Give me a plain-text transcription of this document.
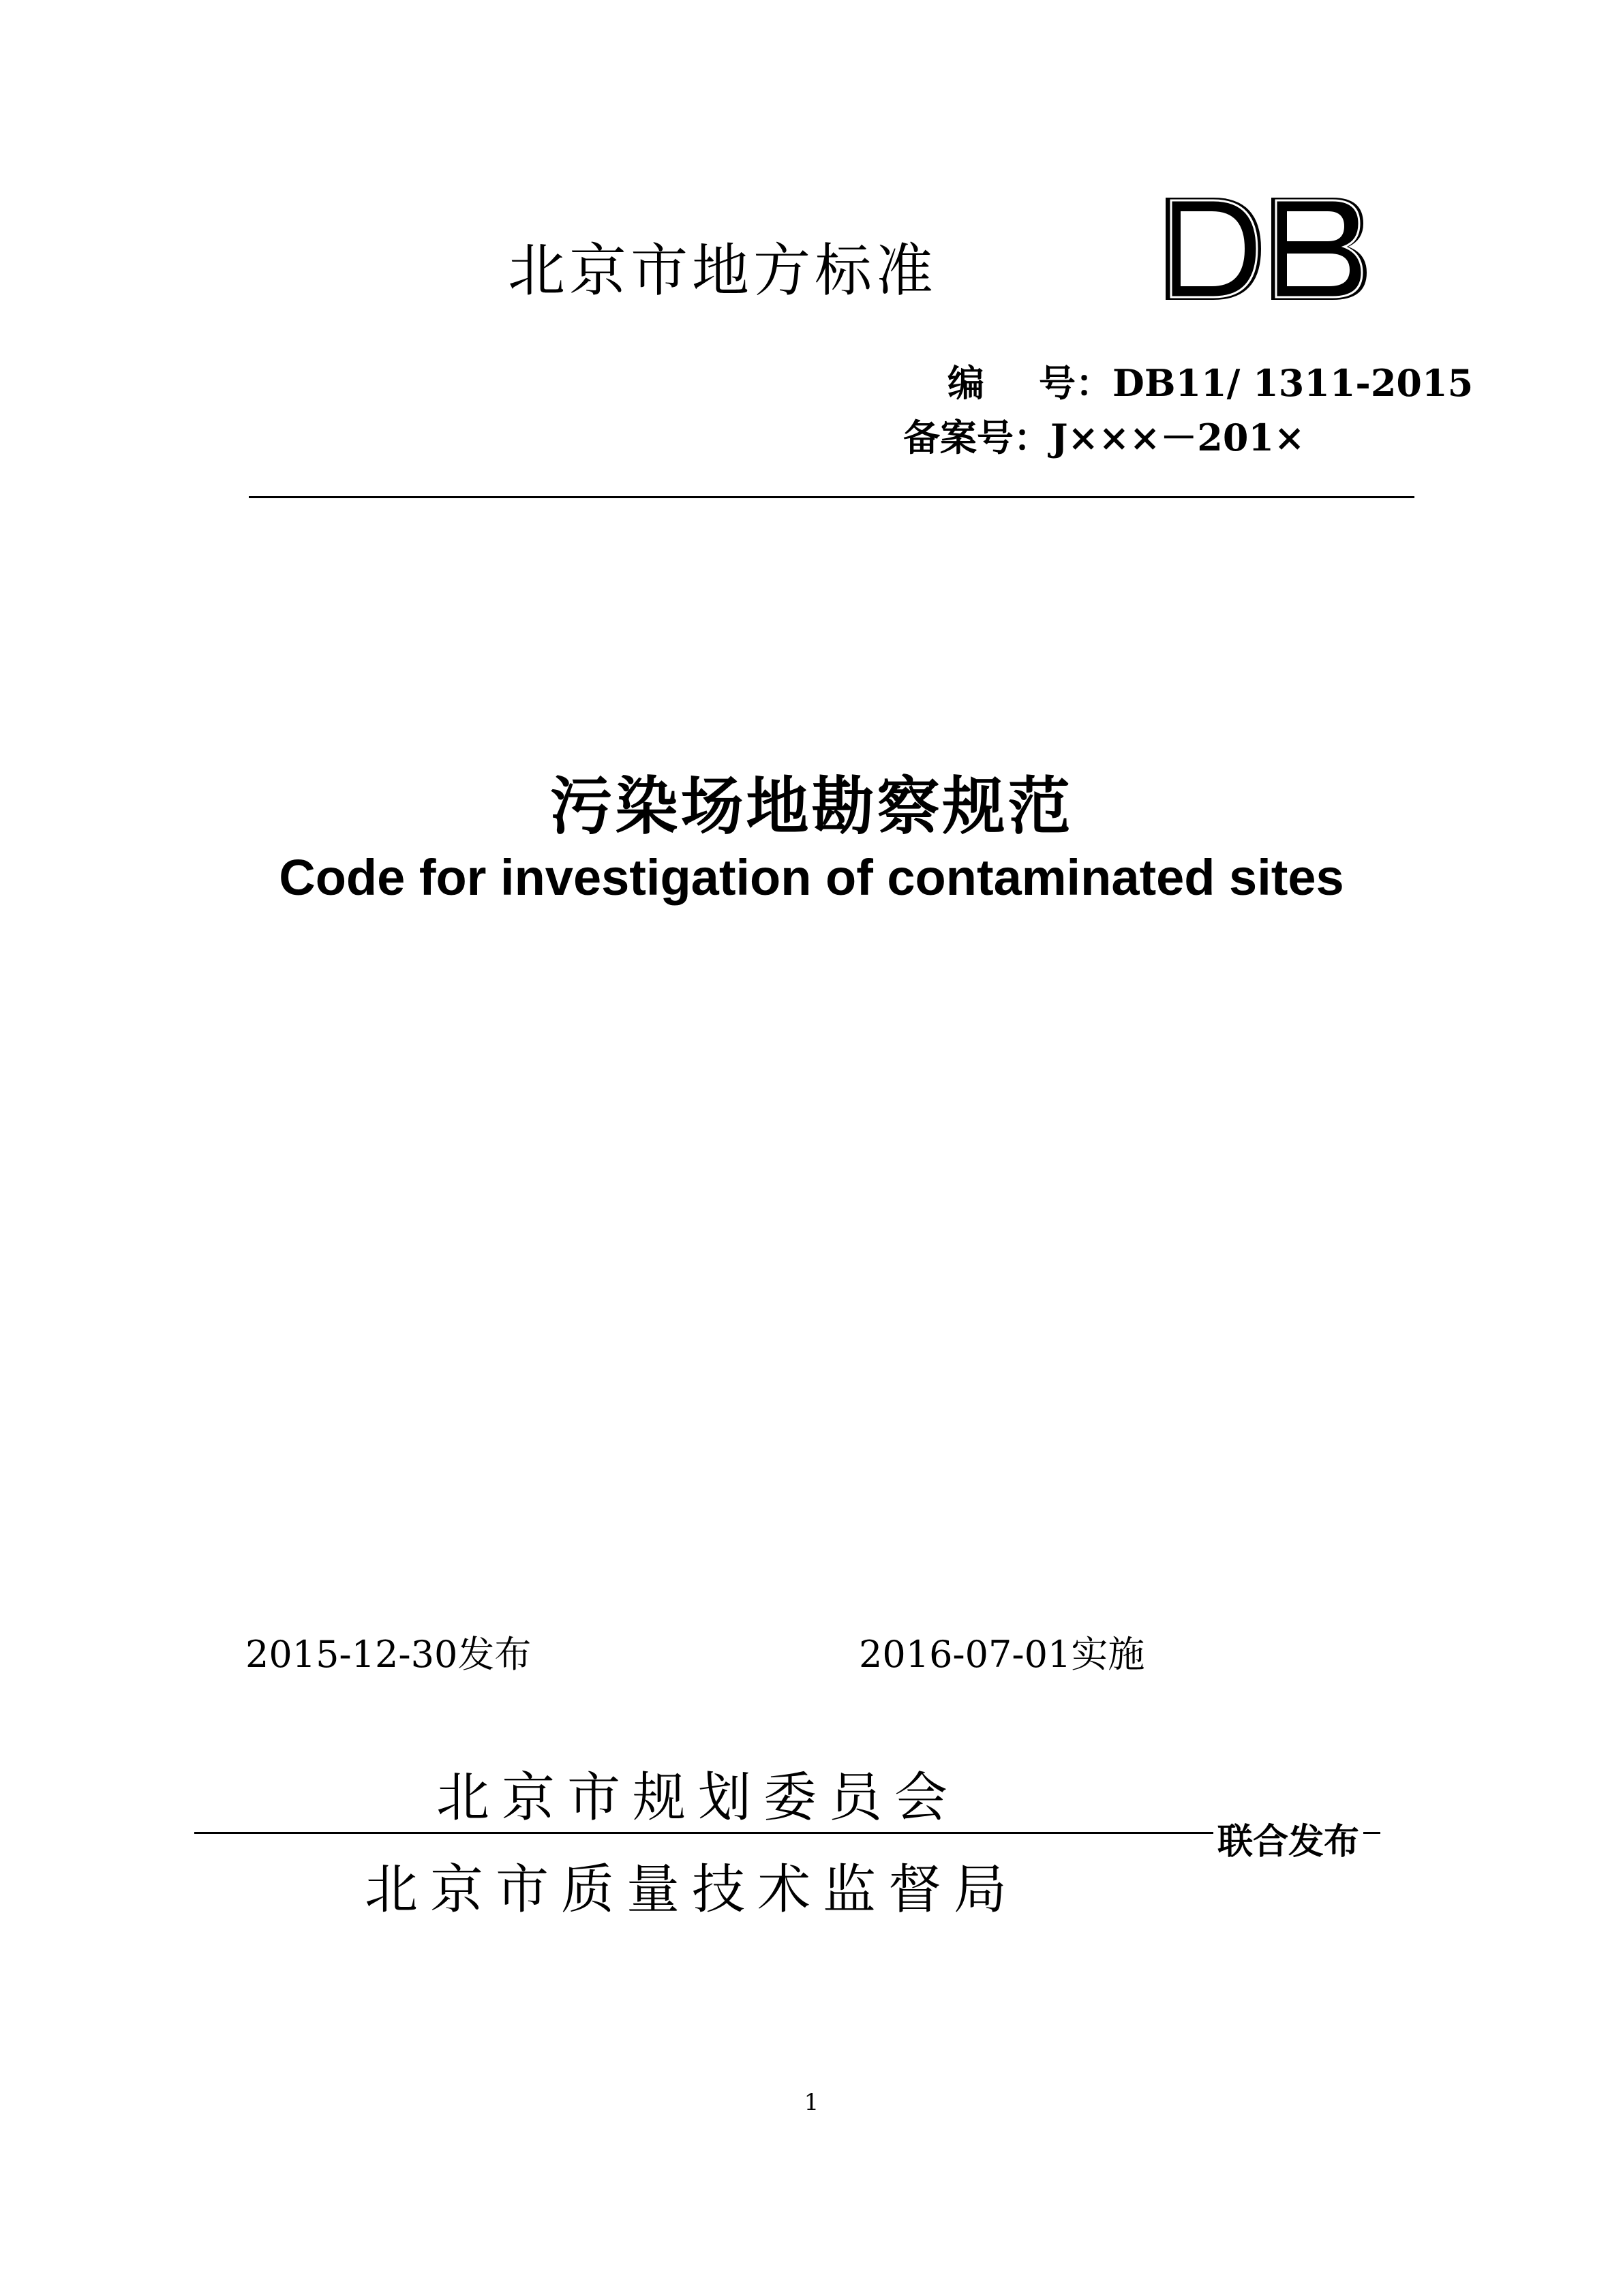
北京市地方标准
编 号：DB11/ 1311-2015
备案号：J×××－201×
污染场地勘察规范
Code for investigation of contaminated sites
2015-12-30发布	2016-07-01实施
北京市规划委员会
联合发布
北京市质量技术监督局
1
